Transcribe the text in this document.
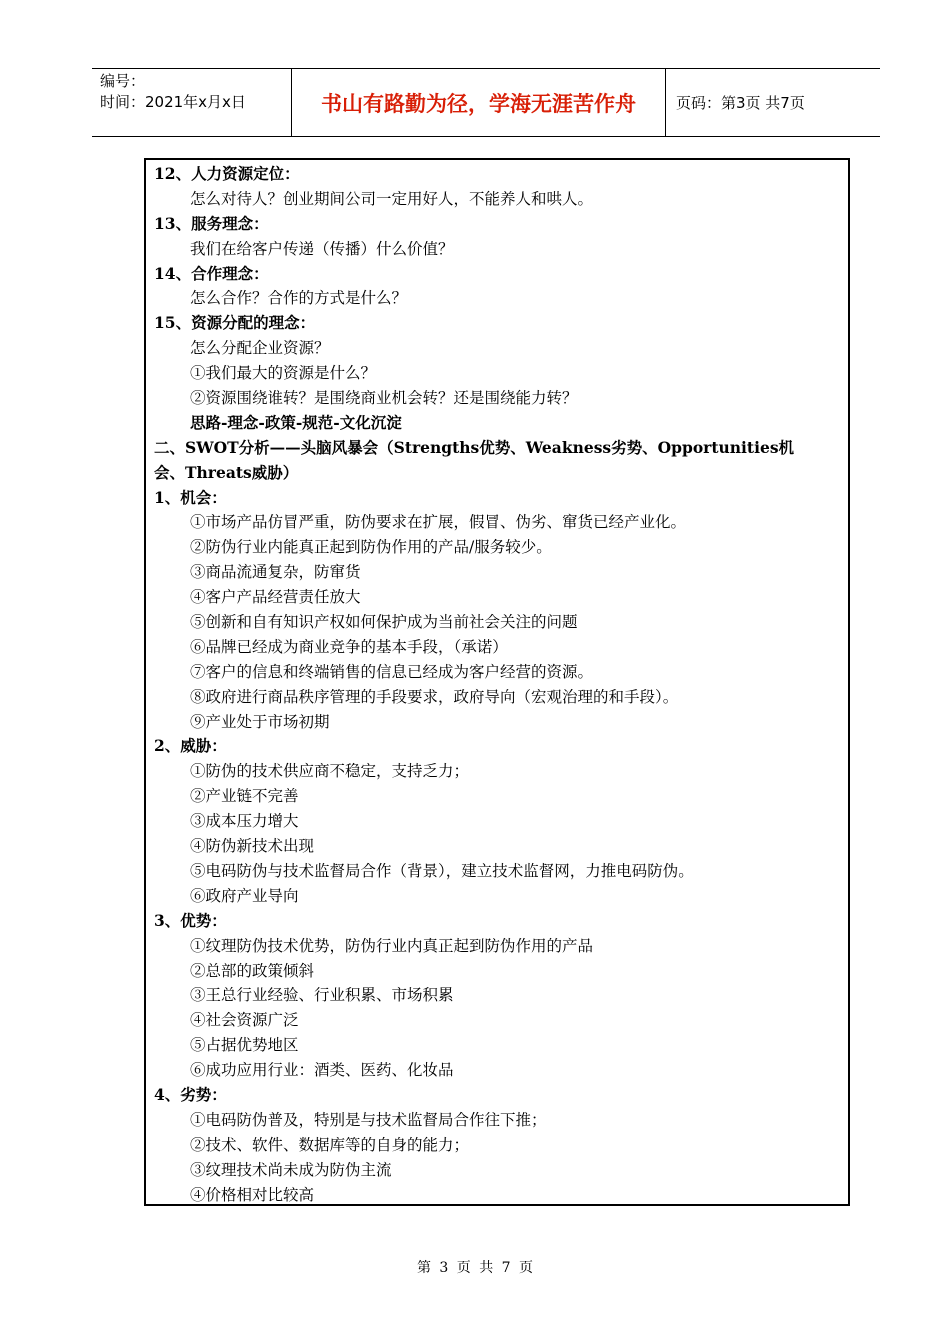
编号：
时间：2021年x月x日	书山有路勤为径，学海无涯苦作舟	页码：第3页 共7页
12、人力资源定位：
怎么对待人？创业期间公司一定用好人，不能养人和哄人。
13、服务理念：
我们在给客户传递（传播）什么价值？
14、合作理念：
怎么合作？合作的方式是什么？
15、资源分配的理念：
怎么分配企业资源？
①我们最大的资源是什么？
②资源围绕谁转？是围绕商业机会转？还是围绕能力转？
思路-理念-政策-规范-文化沉淀
二、SWOT分析——头脑风暴会（Strengths优势、Weakness劣势、Opportunities机
会、Threats威胁）
1、机会：
①市场产品仿冒严重，防伪要求在扩展，假冒、伪劣、窜货已经产业化。
②防伪行业内能真正起到防伪作用的产品/服务较少。
③商品流通复杂，防窜货
④客户产品经营责任放大
⑤创新和自有知识产权如何保护成为当前社会关注的问题
⑥品牌已经成为商业竞争的基本手段，（承诺）
⑦客户的信息和终端销售的信息已经成为客户经营的资源。
⑧政府进行商品秩序管理的手段要求，政府导向（宏观治理的和手段）。
⑨产业处于市场初期
2、威胁：
①防伪的技术供应商不稳定，支持乏力；
②产业链不完善
③成本压力增大
④防伪新技术出现
⑤电码防伪与技术监督局合作（背景），建立技术监督网，力推电码防伪。
⑥政府产业导向
3、优势：
①纹理防伪技术优势，防伪行业内真正起到防伪作用的产品
②总部的政策倾斜
③王总行业经验、行业积累、市场积累
④社会资源广泛
⑤占据优势地区
⑥成功应用行业：酒类、医药、化妆品
4、劣势：
①电码防伪普及，特别是与技术监督局合作往下推；
②技术、软件、数据库等的自身的能力；
③纹理技术尚未成为防伪主流
④价格相对比较高
第 3 页 共 7 页
